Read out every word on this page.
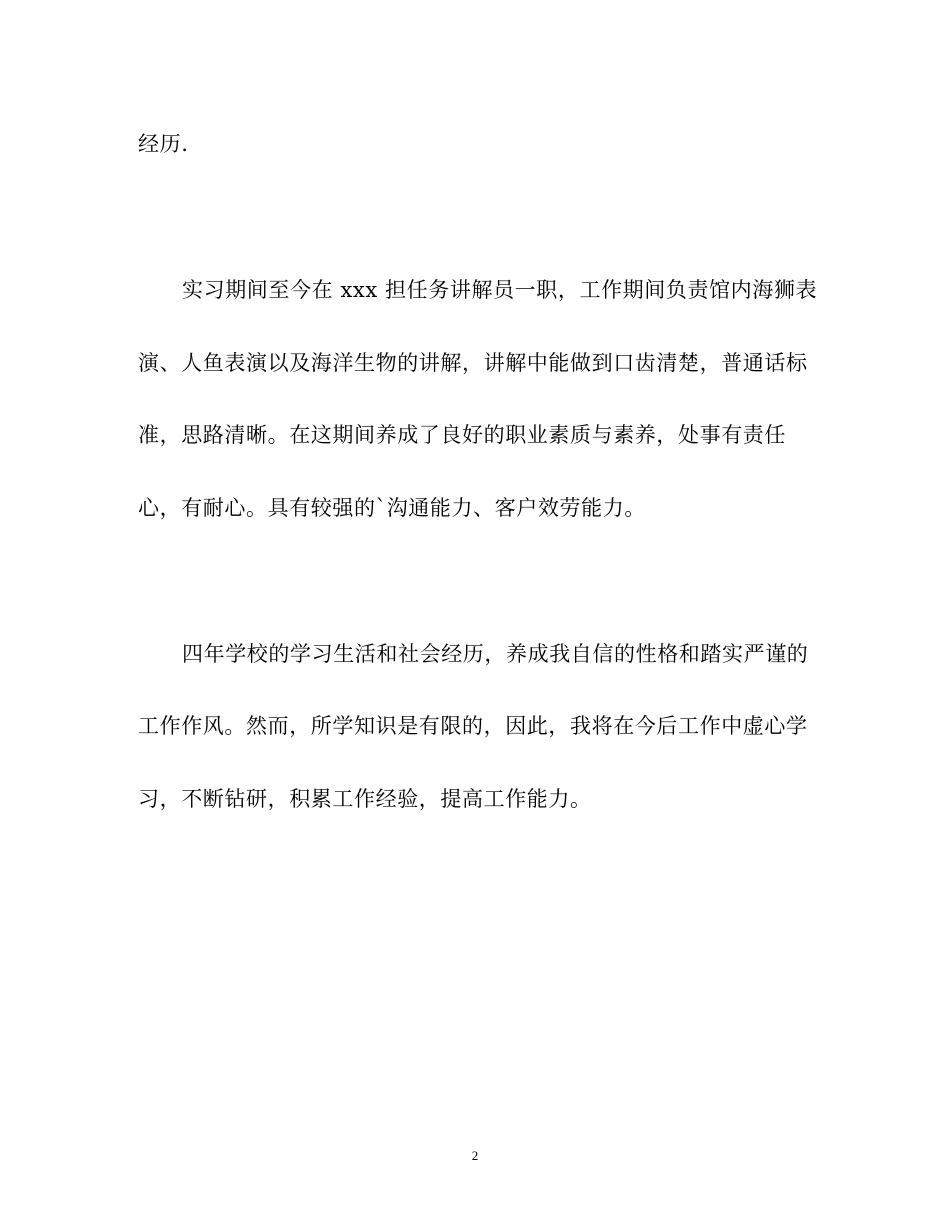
经历.
实习期间至今在 xxx 担任务讲解员一职，工作期间负责馆内海狮表
演、人鱼表演以及海洋生物的讲解，讲解中能做到口齿清楚，普通话标
准，思路清晰。在这期间养成了良好的职业素质与素养，处事有责任
心，有耐心。具有较强的`沟通能力、客户效劳能力。
四年学校的学习生活和社会经历，养成我自信的性格和踏实严谨的
工作作风。然而，所学知识是有限的，因此，我将在今后工作中虚心学
习，不断钻研，积累工作经验，提高工作能力。
2
